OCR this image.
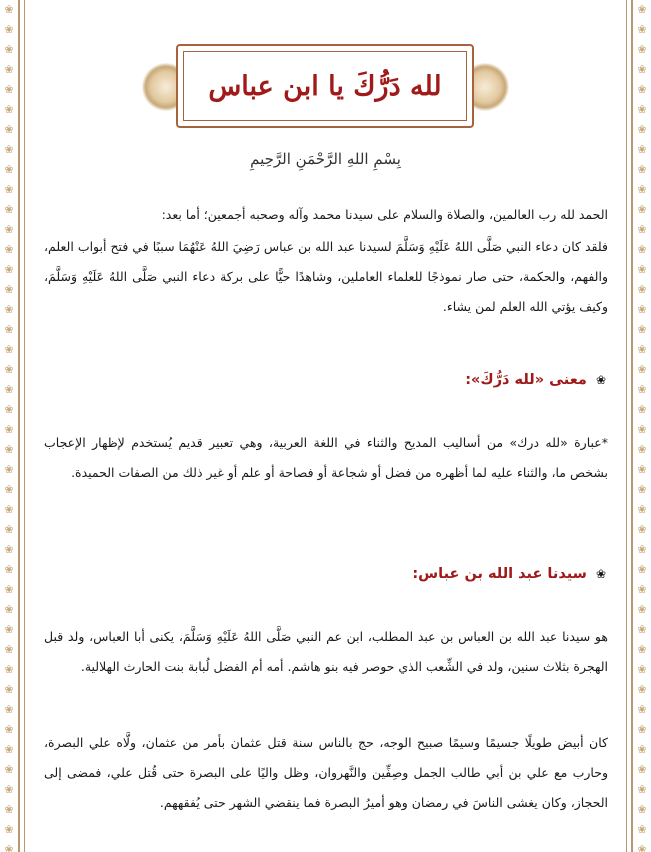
❀
❀
❀
❀
❀
❀
❀
❀
❀
❀
❀
❀
❀
❀
❀
❀
❀
❀
❀
❀
❀
❀
❀
❀
❀
❀
❀
❀
❀
❀
❀
❀
❀
❀
❀
❀
❀
❀
❀
❀
❀
❀
❀

❀
❀
❀
❀
❀
❀
❀
❀
❀
❀
❀
❀
❀
❀
❀
❀
❀
❀
❀
❀
❀
❀
❀
❀
❀
❀
❀
❀
❀
❀
❀
❀
❀
❀
❀
❀
❀
❀
❀
❀
❀
❀
❀

لله دَرُّكَ يا ابن عباس
بِسْمِ اللهِ الرَّحْمَنِ الرَّحِيمِ
الحمد لله رب العالمين، والصلاة والسلام على سيدنا محمد وآله وصحبه أجمعين؛ أما بعد:
فلقد كان دعاء النبي صَلَّى اللهُ عَلَيْهِ وَسَلَّمَ لسيدنا عبد الله بن عباس رَضِيَ اللهُ عَنْهُمَا سببًا في فتح أبواب العلم، والفهم، والحكمة، حتى صار نموذجًا للعلماء العاملين، وشاهدًا حيًّا على بركة دعاء النبي صَلَّى اللهُ عَلَيْهِ وَسَلَّمَ، وكيف يؤتي الله العلم لمن يشاء.
❀ معنى «لله دَرُّكَ»:
*عبارة «لله درك» من أساليب المديح والثناء في اللغة العربية، وهي تعبير قديم يُستخدم لإظهار الإعجاب بشخص ما، والثناء عليه لما أظهره من فضل أو شجاعة أو فصاحة أو علم أو غير ذلك من الصفات الحميدة.
❀ سيدنا عبد الله بن عباس:
هو سيدنا عبد الله بن العباس بن عبد المطلب، ابن عم النبي صَلَّى اللهُ عَلَيْهِ وَسَلَّمَ، يكنى أبا العباس، ولد قبل الهجرة بثلاث سنين، ولد في الشِّعب الذي حوصر فيه بنو هاشم. أمه أم الفضل لُبابة بنت الحارث الهلالية.
كان أبيض طويلًا جسيمًا وسيمًا صبيح الوجه، حج بالناس سنة قتل عثمان بأمر من عثمان، ولَّاه علي البصرة، وحارب مع علي بن أبي طالب الجمل وصِفِّين والنَّهروان، وظل واليًا على البصرة حتى قُتل علي، فمضى إلى الحجاز، وكان يغشى الناسَ في رمضان وهو أميرُ البصرة فما ينقضي الشهر حتى يُفقههم.
